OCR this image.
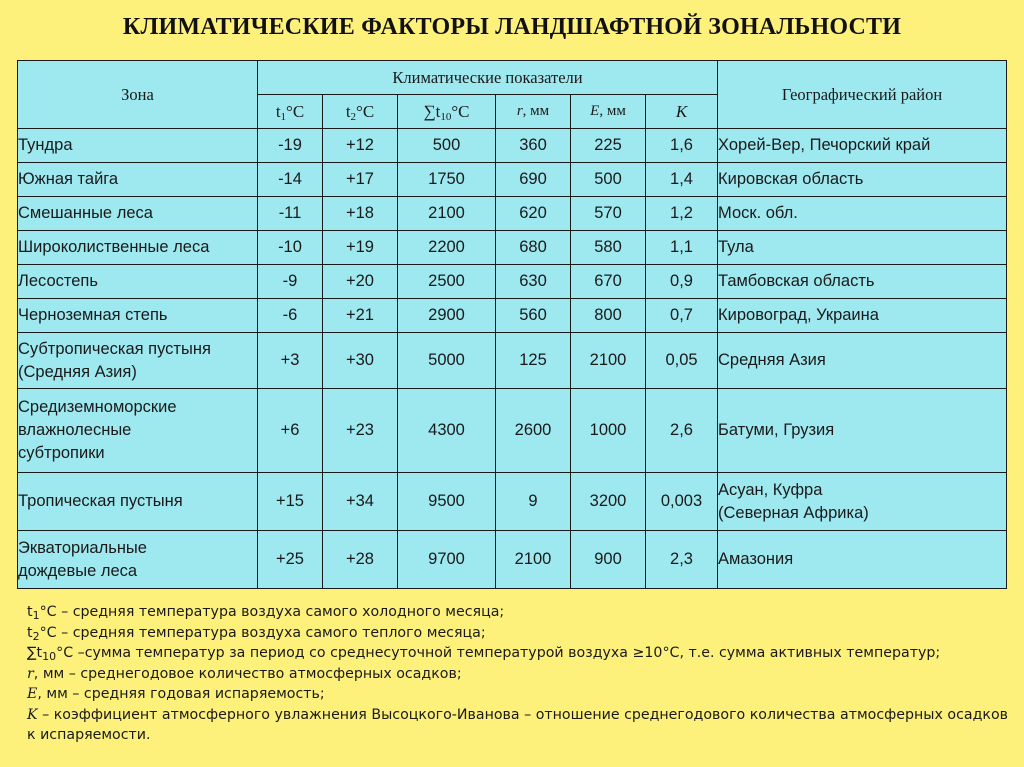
КЛИМАТИЧЕСКИЕ ФАКТОРЫ ЛАНДШАФТНОЙ ЗОНАЛЬНОСТИ
Зона	Климатические показатели						Географический район
	$t_1^\circ C$	$t_2^\circ C$	$\sum t_{10}^\circ C$	r, мм	E, мм	K	

Тундра	-19	+12	500	360	225	1,6	Хорей-Вер, Печорский край

Южная тайга	-14	+17	1750	690	500	1,4	Кировская область

Смешанные леса	-11	+18	2100	620	570	1,2	Моск. обл.

Широколиственные леса	-10	+19	2200	680	580	1,1	Тула

Лесостепь	-9	+20	2500	630	670	0,9	Тамбовская область

Черноземная степь	-6	+21	2900	560	800	0,7	Кировоград, Украина

Субтропическая пустыня
(Средняя Азия)	+3	+30	5000	125	2100	0,05	Средняя Азия

Средиземноморские
влажнолесные
субтропики	+6	+23	4300	2600	1000	2,6	Батуми, Грузия

Тропическая пустыня	+15	+34	9500	9	3200	0,003	Асуан, Куфра
(Северная Африка)

Экваториальные
дождевые леса	+25	+28	9700	2100	900	2,3	Амазония
$t_1^\circ C$ – средняя температура воздуха самого холодного месяца;
$t_2^\circ C$ – средняя температура воздуха самого теплого месяца;
$\sum t_{10}^\circ C$ –сумма температур за период со среднесуточной температурой воздуха ≥10°C, т.е. сумма активных температур;
r, мм – среднегодовое количество атмосферных осадков;
E, мм – средняя годовая испаряемость;
K – коэффициент атмосферного увлажнения Высоцкого-Иванова – отношение среднегодового количества атмосферных осадков к испаряемости.
